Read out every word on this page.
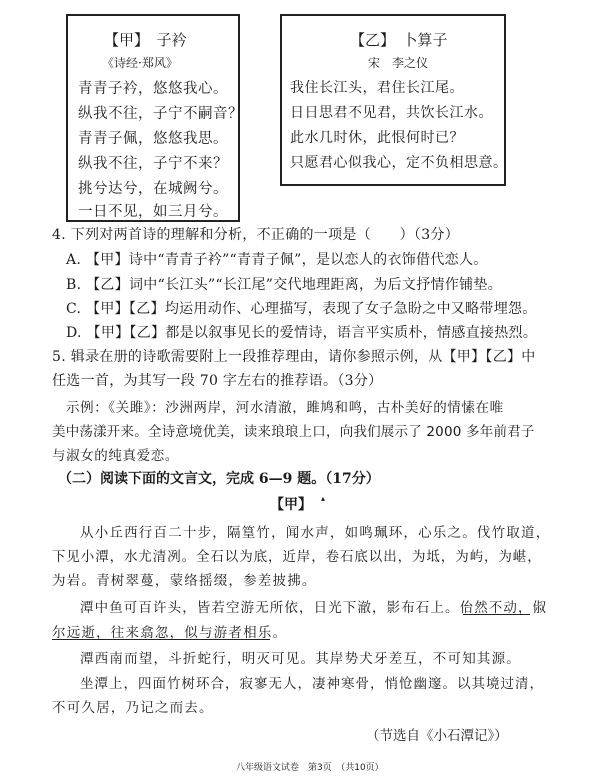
【甲】　子衿
《诗经·郑风》
青青子衿，悠悠我心。
纵我不往，子宁不嗣音？
青青子佩，悠悠我思。
纵我不往，子宁不来？
挑兮达兮，在城阙兮。
一日不见，如三月兮。
【乙】　卜算子
宋　李之仪
我住长江头，君住长江尾。
日日思君不见君，共饮长江水。
此水几时休，此恨何时已？
只愿君心似我心，定不负相思意。
4. 下列对两首诗的理解和分析，不正确的一项是（　　）（3分）
A. 【甲】诗中“青青子衿”“青青子佩”，是以恋人的衣饰借代恋人。
B. 【乙】词中“长江头”“长江尾”交代地理距离，为后文抒情作铺垫。
C. 【甲】【乙】均运用动作、心理描写，表现了女子急盼之中又略带埋怨。
D. 【甲】【乙】都是以叙事见长的爱情诗，语言平实质朴，情感直接热烈。
5. 辑录在册的诗歌需要附上一段推荐理由，请你参照示例，从【甲】【乙】中
任选一首，为其写一段 70 字左右的推荐语。（3分）
示例：《关雎》：沙洲两岸，河水清澈，雎鸠和鸣，古朴美好的情愫在唯
美中荡漾开来。全诗意境优美，读来琅琅上口，向我们展示了 2000 多年前君子
与淑女的纯真爱恋。
（二）阅读下面的文言文，完成 6—9 题。（17分）
【甲】 ▴
从小丘西行百二十步，隔篁竹，闻水声，如鸣珮环，心乐之。伐竹取道，
下见小潭，水尤清冽。全石以为底，近岸，卷石底以出，为坻，为屿，为嵁，
为岩。青树翠蔓，蒙络摇缀，参差披拂。
潭中鱼可百许头，皆若空游无所依，日光下澈，影布石上。佁然不动，俶
尔远逝，往来翕忽，似与游者相乐。
潭西南而望，斗折蛇行，明灭可见。其岸势犬牙差互，不可知其源。
坐潭上，四面竹树环合，寂寥无人，凄神寒骨，悄怆幽邃。以其境过清，
不可久居，乃记之而去。
（节选自《小石潭记》）
八年级语文试卷　第3页　（共10页）
